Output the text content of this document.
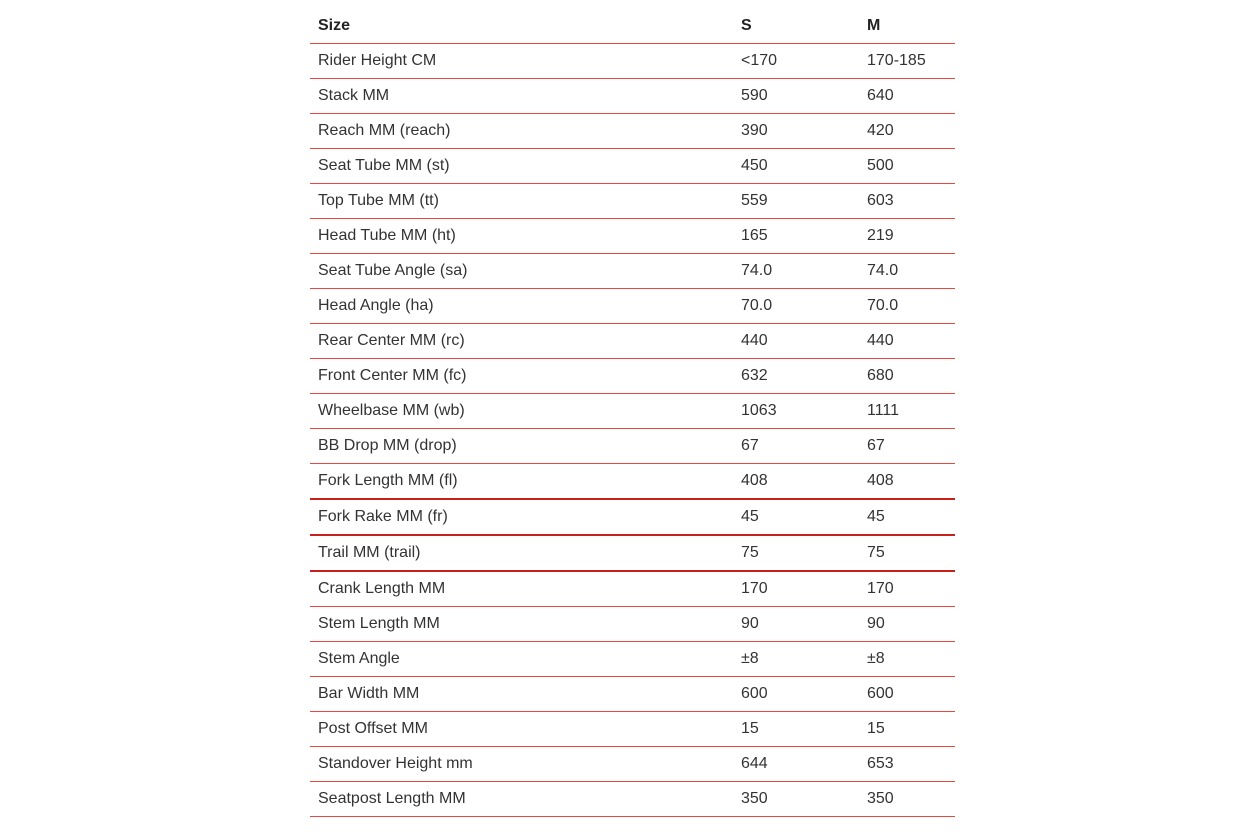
Size	S	M
Rider Height CM	<170	170-185
Stack MM	590	640
Reach MM (reach)	390	420
Seat Tube MM (st)	450	500
Top Tube MM (tt)	559	603
Head Tube MM (ht)	165	219
Seat Tube Angle (sa)	74.0	74.0
Head Angle (ha)	70.0	70.0
Rear Center MM (rc)	440	440
Front Center MM (fc)	632	680
Wheelbase MM (wb)	1063	1111
BB Drop MM (drop)	67	67
Fork Length MM (fl)	408	408
Fork Rake MM (fr)	45	45
Trail MM (trail)	75	75
Crank Length MM	170	170
Stem Length MM	90	90
Stem Angle	±8	±8
Bar Width MM	600	600
Post Offset MM	15	15
Standover Height mm	644	653
Seatpost Length MM	350	350
